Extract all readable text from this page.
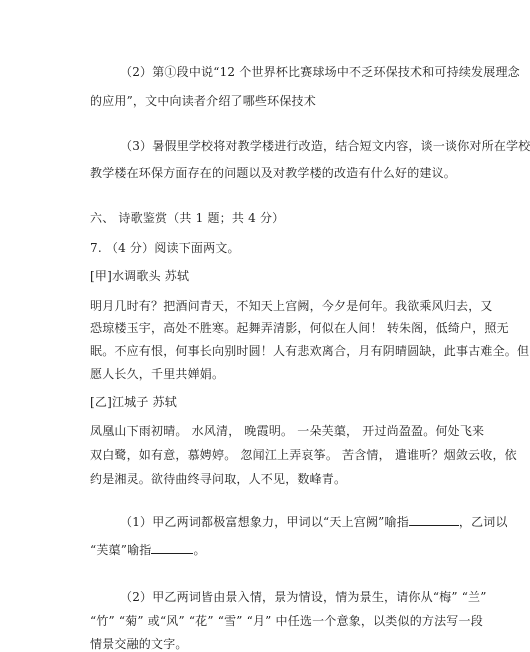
（2）第①段中说“12 个世界杯比赛球场中不乏环保技术和可持续发展理念
的应用”，文中向读者介绍了哪些环保技术
（3）暑假里学校将对教学楼进行改造，结合短文内容，谈一谈你对所在学校
教学楼在环保方面存在的问题以及对教学楼的改造有什么好的建议。
六、 诗歌鉴赏（共 1 题；共 4 分）
7. （4 分）阅读下面两文。
[甲]水调歌头 苏轼
明月几时有？把酒问青天，不知天上宫阙，今夕是何年。我欲乘风归去，又
恐琼楼玉宇，高处不胜寒。起舞弄清影，何似在人间！ 转朱阁，低绮户，照无
眠。不应有恨，何事长向别时圆！人有悲欢离合，月有阴晴圆缺，此事古难全。但
愿人长久，千里共婵娟。
[乙]江城子 苏轼
凤凰山下雨初晴。 水风清， 晚霞明。 一朵芙蕖， 开过尚盈盈。何处飞来
双白鹭，如有意，慕娉婷。 忽闻江上弄哀筝。 苦含情， 遣谁听？烟敛云收，依
约是湘灵。欲待曲终寻问取，人不见，数峰青。
（1）甲乙两词都极富想象力，甲词以“天上宫阙”喻指	，乙词以
“芙蕖”喻指	。
（2）甲乙两词皆由景入情，景为情设，情为景生，请你从“梅” “兰”
“竹” “菊” 或“风” “花” “雪” “月” 中任选一个意象，以类似的方法写一段
情景交融的文字。
